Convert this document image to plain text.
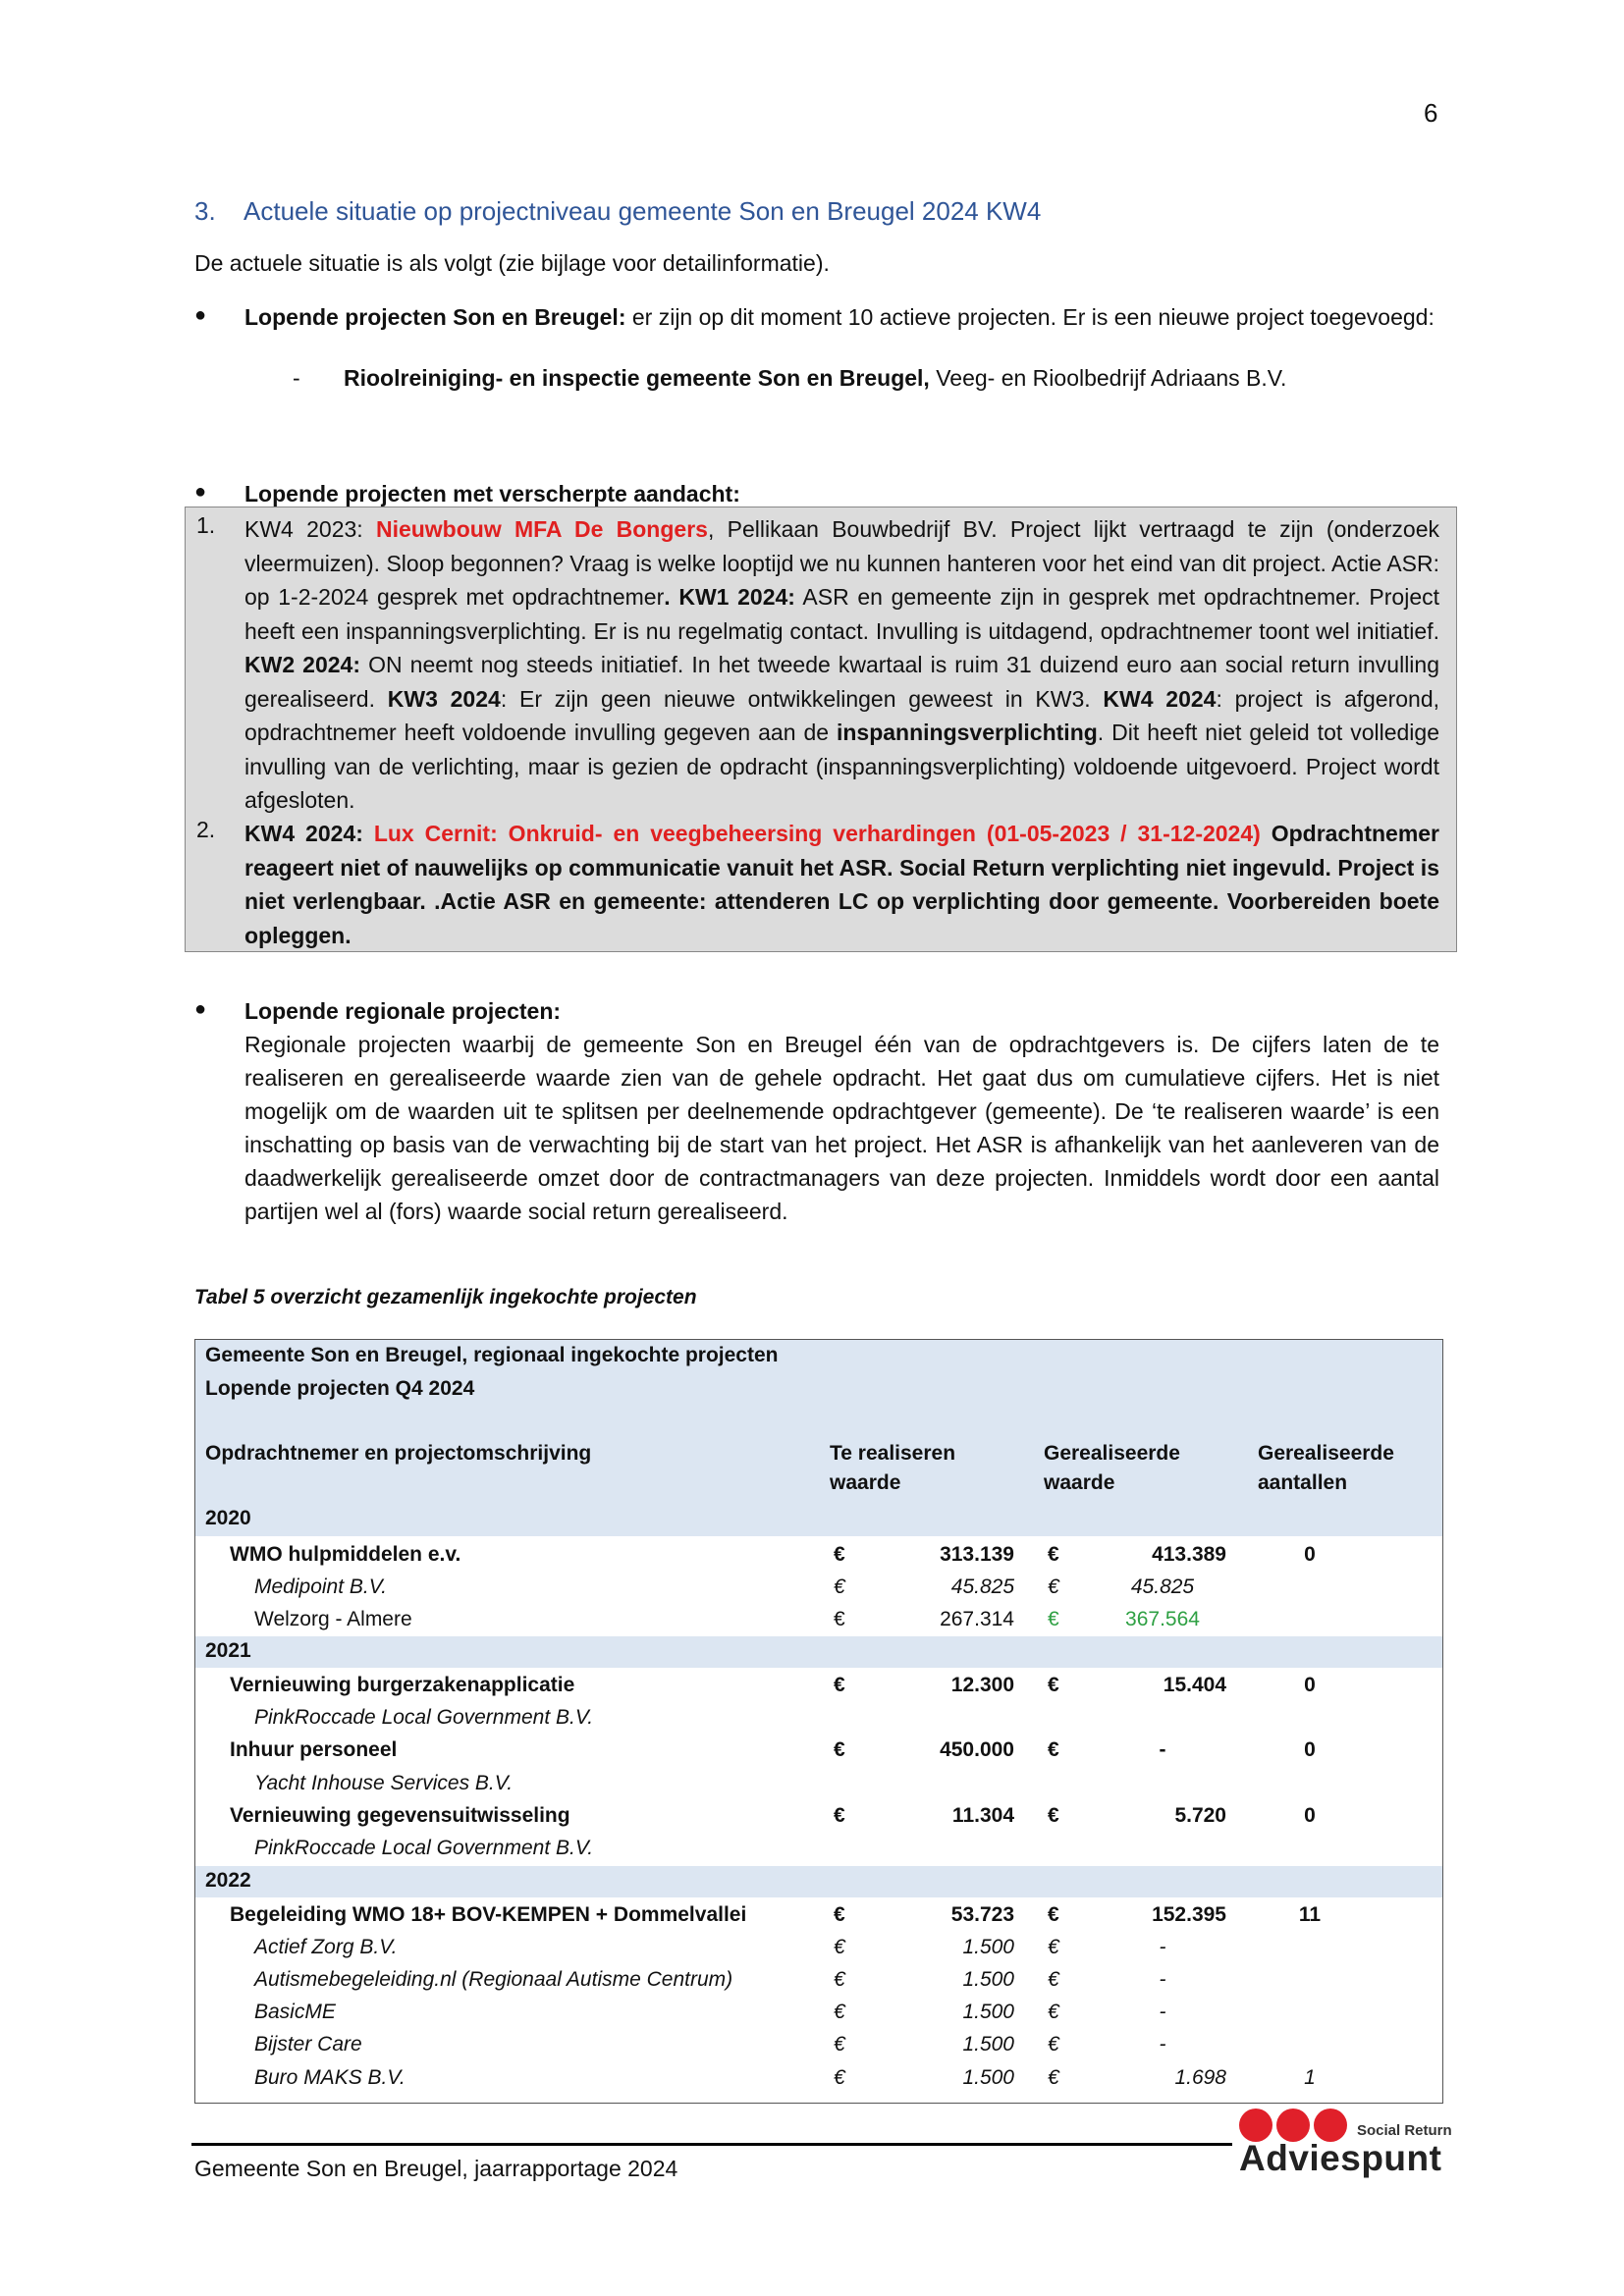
6
3. Actuele situatie op projectniveau gemeente Son en Breugel 2024 KW4
De actuele situatie is als volgt (zie bijlage voor detailinformatie).
●	Lopende projecten Son en Breugel: er zijn op dit moment 10 actieve projecten. Er is een nieuwe project toegevoegd:
- Rioolreiniging- en inspectie gemeente Son en Breugel, Veeg- en Rioolbedrijf Adriaans B.V.
●	Lopende projecten met verscherpte aandacht:
1. KW4 2023: Nieuwbouw MFA De Bongers, Pellikaan Bouwbedrijf BV. Project lijkt vertraagd te zijn (onderzoek vleermuizen). Sloop begonnen? Vraag is welke looptijd we nu kunnen hanteren voor het eind van dit project. Actie ASR: op 1-2-2024 gesprek met opdrachtnemer. KW1 2024: ASR en gemeente zijn in gesprek met opdrachtnemer. Project heeft een inspanningsverplichting. Er is nu regelmatig contact. Invulling is uitdagend, opdrachtnemer toont wel initiatief. KW2 2024: ON neemt nog steeds initiatief. In het tweede kwartaal is ruim 31 duizend euro aan social return invulling gerealiseerd. KW3 2024: Er zijn geen nieuwe ontwikkelingen geweest in KW3. KW4 2024: project is afgerond, opdrachtnemer heeft voldoende invulling gegeven aan de inspanningsverplichting. Dit heeft niet geleid tot volledige invulling van de verlichting, maar is gezien de opdracht (inspanningsverplichting) voldoende uitgevoerd. Project wordt afgesloten.
2. KW4 2024: Lux Cernit: Onkruid- en veegbeheersing verhardingen (01-05-2023 / 31-12-2024) Opdrachtnemer reageert niet of nauwelijks op communicatie vanuit het ASR. Social Return verplichting niet ingevuld. Project is niet verlengbaar. .Actie ASR en gemeente: attenderen LC op verplichting door gemeente. Voorbereiden boete opleggen.
●	Lopende regionale projecten:
Regionale projecten waarbij de gemeente Son en Breugel één van de opdrachtgevers is. De cijfers laten de te realiseren en gerealiseerde waarde zien van de gehele opdracht. Het gaat dus om cumulatieve cijfers. Het is niet mogelijk om de waarden uit te splitsen per deelnemende opdrachtgever (gemeente). De ‘te realiseren waarde’ is een inschatting op basis van de verwachting bij de start van het project. Het ASR is afhankelijk van het aanleveren van de daadwerkelijk gerealiseerde omzet door de contractmanagers van deze projecten. Inmiddels wordt door een aantal partijen wel al (fors) waarde social return gerealiseerd.
Tabel 5 overzicht gezamenlijk ingekochte projecten
Gemeente Son en Breugel, regionaal ingekochte projecten
Lopende projecten Q4 2024
Opdrachtnemer en projectomschrijving	Te realiseren
waarde
Gerealiseerde
waarde
Gerealiseerde
aantallen
2020
WMO hulpmiddelen e.v.	€	313.139 €	413.389	0
Medipoint B.V.	€	45.825 €	45.825
Welzorg - Almere	€	267.314 €	367.564
2021
Vernieuwing burgerzakenapplicatie	€	12.300 €	15.404	0
PinkRoccade Local Government B.V.
Inhuur personeel	€	450.000 €	-	0
Yacht Inhouse Services B.V.
Vernieuwing gegevensuitwisseling	€	11.304 €	5.720	0
PinkRoccade Local Government B.V.
2022
Begeleiding WMO 18+ BOV-KEMPEN + Dommelvallei	€	53.723 €	152.395	11
Actief Zorg B.V.	€	1.500 €	-
Autismebegeleiding.nl (Regionaal Autisme Centrum)	€	1.500 €	-
BasicME	€	1.500 €	-
Bijster Care	€	1.500 €	-
Buro MAKS B.V.	€	1.500 €	1.698	1
Gemeente Son en Breugel, jaarrapportage 2024
Social Return
Adviespunt
